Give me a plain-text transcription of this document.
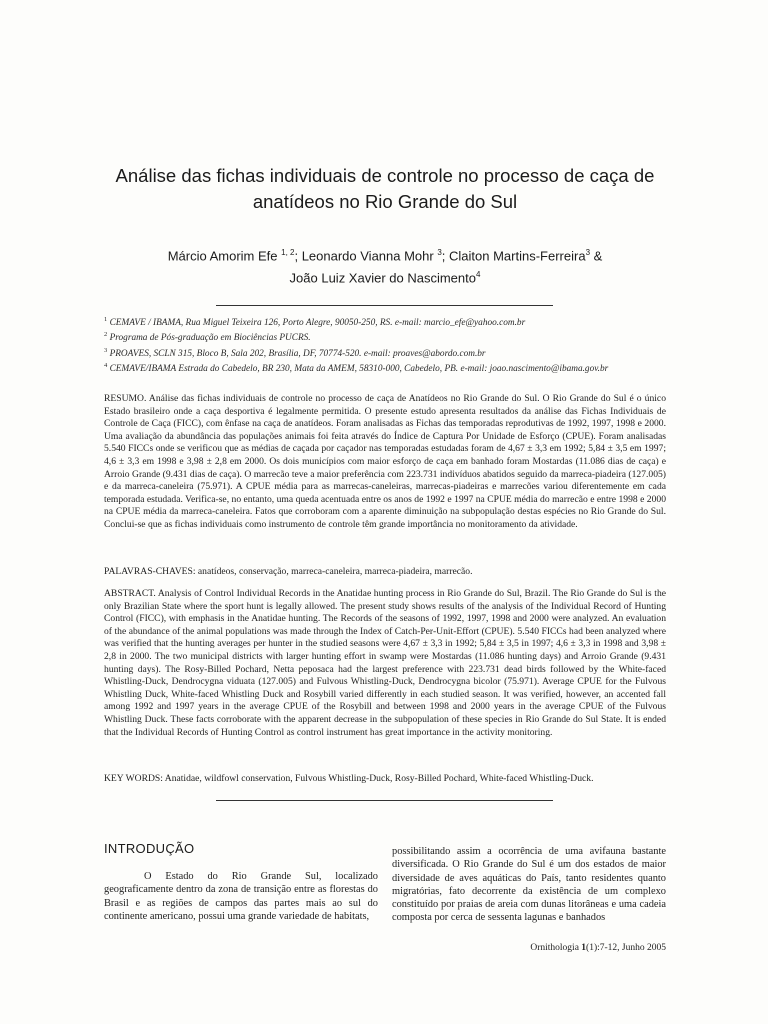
Análise das fichas individuais de controle no processo de caça de anatídeos no Rio Grande do Sul
Márcio Amorim Efe $^{1, 2}$; Leonardo Vianna Mohr $^3$; Claiton Martins-Ferreira$^3$ &
João Luiz Xavier do Nascimento$^4$
$^1$ CEMAVE / IBAMA, Rua Miguel Teixeira 126, Porto Alegre, 90050-250, RS. e-mail: marcio_efe@yahoo.com.br
$^2$ Programa de Pós-graduação em Biociências PUCRS.
$^3$ PROAVES, SCLN 315, Bloco B, Sala 202, Brasília, DF, 70774-520. e-mail: proaves@abordo.com.br
$^4$ CEMAVE/IBAMA Estrada do Cabedelo, BR 230, Mata da AMEM, 58310-000, Cabedelo, PB. e-mail: joao.nascimento@ibama.gov.br
RESUMO. Análise das fichas individuais de controle no processo de caça de Anatídeos no Rio Grande do Sul. O Rio Grande do Sul é o único Estado brasileiro onde a caça desportiva é legalmente permitida. O presente estudo apresenta resultados da análise das Fichas Individuais de Controle de Caça (FICC), com ênfase na caça de anatídeos. Foram analisadas as Fichas das temporadas reprodutivas de 1992, 1997, 1998 e 2000. Uma avaliação da abundância das populações animais foi feita através do Índice de Captura Por Unidade de Esforço (CPUE). Foram analisadas 5.540 FICCs onde se verificou que as médias de caçada por caçador nas temporadas estudadas foram de 4,67 ± 3,3 em 1992; 5,84 ± 3,5 em 1997; 4,6 ± 3,3 em 1998 e 3,98 ± 2,8 em 2000. Os dois municípios com maior esforço de caça em banhado foram Mostardas (11.086 dias de caça) e Arroio Grande (9.431 dias de caça). O marrecão teve a maior preferência com 223.731 indivíduos abatidos seguido da marreca-piadeira (127.005) e da marreca-caneleira (75.971). A CPUE média para as marrecas-caneleiras, marrecas-piadeiras e marrecões variou diferentemente em cada temporada estudada. Verifica-se, no entanto, uma queda acentuada entre os anos de 1992 e 1997 na CPUE média do marrecão e entre 1998 e 2000 na CPUE média da marreca-caneleira. Fatos que corroboram com a aparente diminuição na subpopulação destas espécies no Rio Grande do Sul. Conclui-se que as fichas individuais como instrumento de controle têm grande importância no monitoramento da atividade.
PALAVRAS-CHAVES: anatídeos, conservação, marreca-caneleira, marreca-piadeira, marrecão.
ABSTRACT. Analysis of Control Individual Records in the Anatidae hunting process in Rio Grande do Sul, Brazil. The Rio Grande do Sul is the only Brazilian State where the sport hunt is legally allowed. The present study shows results of the analysis of the Individual Record of Hunting Control (FICC), with emphasis in the Anatidae hunting. The Records of the seasons of 1992, 1997, 1998 and 2000 were analyzed. An evaluation of the abundance of the animal populations was made through the Index of Catch-Per-Unit-Effort (CPUE). 5.540 FICCs had been analyzed where was verified that the hunting averages per hunter in the studied seasons were 4,67 ± 3,3 in 1992; 5,84 ± 3,5 in 1997; 4,6 ± 3,3 in 1998 and 3,98 ± 2,8 in 2000. The two municipal districts with larger hunting effort in swamp were Mostardas (11.086 hunting days) and Arroio Grande (9.431 hunting days). The Rosy-Billed Pochard, Netta peposaca had the largest preference with 223.731 dead birds followed by the White-faced Whistling-Duck, Dendrocygna viduata (127.005) and Fulvous Whistling-Duck, Dendrocygna bicolor (75.971). Average CPUE for the Fulvous Whistling Duck, White-faced Whistling Duck and Rosybill varied differently in each studied season. It was verified, however, an accented fall among 1992 and 1997 years in the average CPUE of the Rosybill and between 1998 and 2000 years in the average CPUE of the Fulvous Whistling Duck. These facts corroborate with the apparent decrease in the subpopulation of these species in Rio Grande do Sul State. It is ended that the Individual Records of Hunting Control as control instrument has great importance in the activity monitoring.
KEY WORDS: Anatidae, wildfowl conservation, Fulvous Whistling-Duck, Rosy-Billed Pochard, White-faced Whistling-Duck.
INTRODUÇÃO
O Estado do Rio Grande Sul, localizado geograficamente dentro da zona de transição entre as florestas do Brasil e as regiões de campos das partes mais ao sul do continente americano, possui uma grande variedade de habitats,
possibilitando assim a ocorrência de uma avifauna bastante diversificada. O Rio Grande do Sul é um dos estados de maior diversidade de aves aquáticas do País, tanto residentes quanto migratórias, fato decorrente da existência de um complexo constituído por praias de areia com dunas litorâneas e uma cadeia composta por cerca de sessenta lagunas e banhados
Ornithologia 1(1):7-12, Junho 2005
